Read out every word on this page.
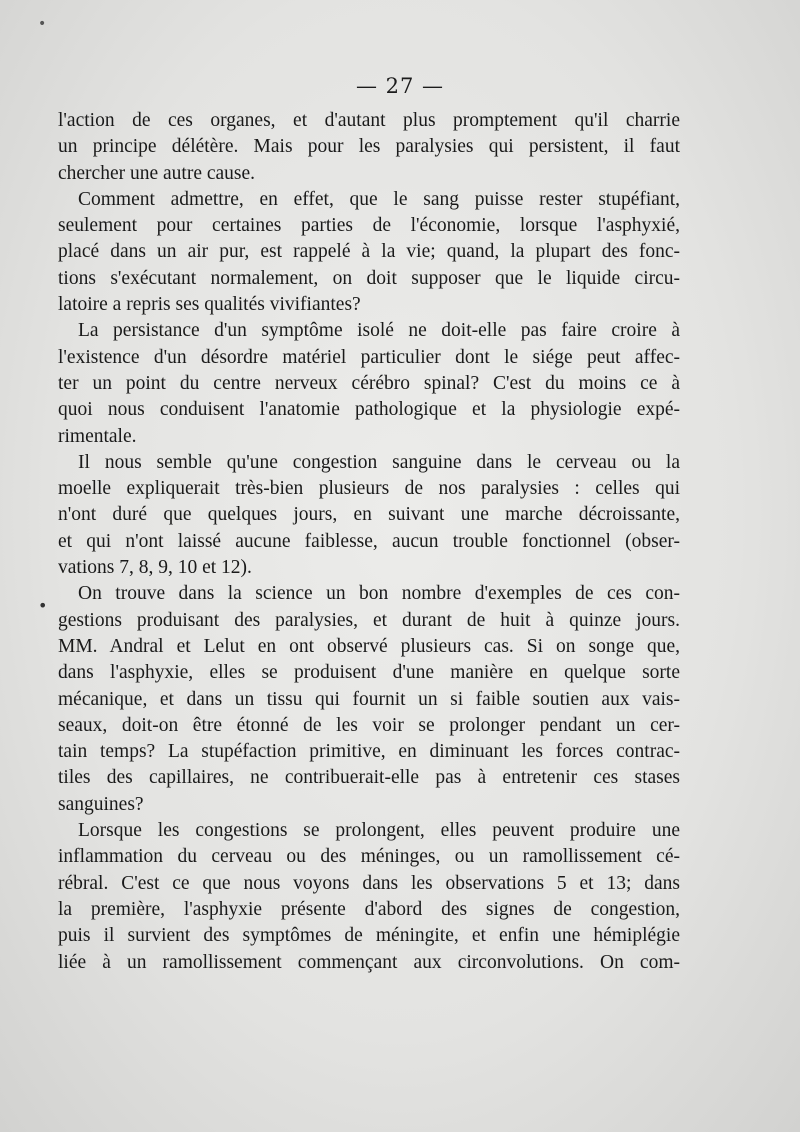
•
•
— 27 —
l'action de ces organes, et d'autant plus promptement qu'il charrie
un principe délétère. Mais pour les paralysies qui persistent, il faut
chercher une autre cause.
Comment admettre, en effet, que le sang puisse rester stupéfiant,
seulement pour certaines parties de l'économie, lorsque l'asphyxié,
placé dans un air pur, est rappelé à la vie; quand, la plupart des fonc-
tions s'exécutant normalement, on doit supposer que le liquide circu-
latoire a repris ses qualités vivifiantes?
La persistance d'un symptôme isolé ne doit-elle pas faire croire à
l'existence d'un désordre matériel particulier dont le siége peut affec-
ter un point du centre nerveux cérébro spinal? C'est du moins ce à
quoi nous conduisent l'anatomie pathologique et la physiologie expé-
rimentale.
Il nous semble qu'une congestion sanguine dans le cerveau ou la
moelle expliquerait très-bien plusieurs de nos paralysies : celles qui
n'ont duré que quelques jours, en suivant une marche décroissante,
et qui n'ont laissé aucune faiblesse, aucun trouble fonctionnel (obser-
vations 7, 8, 9, 10 et 12).
On trouve dans la science un bon nombre d'exemples de ces con-
gestions produisant des paralysies, et durant de huit à quinze jours.
MM. Andral et Lelut en ont observé plusieurs cas. Si on songe que,
dans l'asphyxie, elles se produisent d'une manière en quelque sorte
mécanique, et dans un tissu qui fournit un si faible soutien aux vais-
seaux, doit-on être étonné de les voir se prolonger pendant un cer-
tain temps? La stupéfaction primitive, en diminuant les forces contrac-
tiles des capillaires, ne contribuerait-elle pas à entretenir ces stases
sanguines?
Lorsque les congestions se prolongent, elles peuvent produire une
inflammation du cerveau ou des méninges, ou un ramollissement cé-
rébral. C'est ce que nous voyons dans les observations 5 et 13; dans
la première, l'asphyxie présente d'abord des signes de congestion,
puis il survient des symptômes de méningite, et enfin une hémiplégie
liée à un ramollissement commençant aux circonvolutions. On com-
